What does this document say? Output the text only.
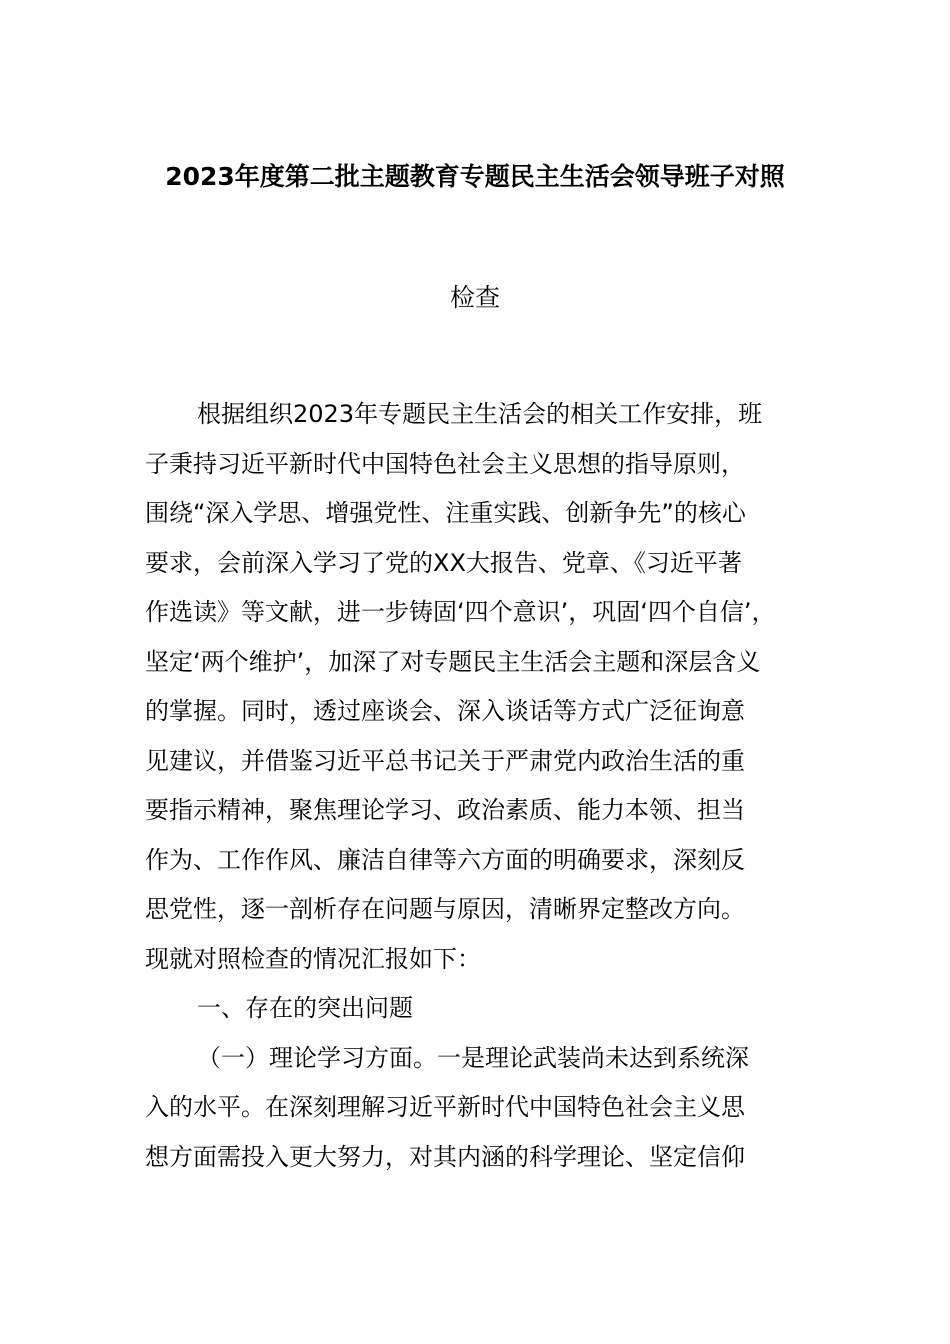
2023年度第二批主题教育专题民主生活会领导班子对照
检查
根据组织2023年专题民主生活会的相关工作安排，班
子秉持习近平新时代中国特色社会主义思想的指导原则，
围绕“深入学思、增强党性、注重实践、创新争先”的核心
要求，会前深入学习了党的XX大报告、党章、《习近平著
作选读》等文献，进一步铸固‘四个意识’，巩固‘四个自信’，
坚定‘两个维护’，加深了对专题民主生活会主题和深层含义
的掌握。同时，透过座谈会、深入谈话等方式广泛征询意
见建议，并借鉴习近平总书记关于严肃党内政治生活的重
要指示精神，聚焦理论学习、政治素质、能力本领、担当
作为、工作作风、廉洁自律等六方面的明确要求，深刻反
思党性，逐一剖析存在问题与原因，清晰界定整改方向。
现就对照检查的情况汇报如下：
一、存在的突出问题
（一）理论学习方面。一是理论武装尚未达到系统深
入的水平。在深刻理解习近平新时代中国特色社会主义思
想方面需投入更大努力，对其内涵的科学理论、坚定信仰
